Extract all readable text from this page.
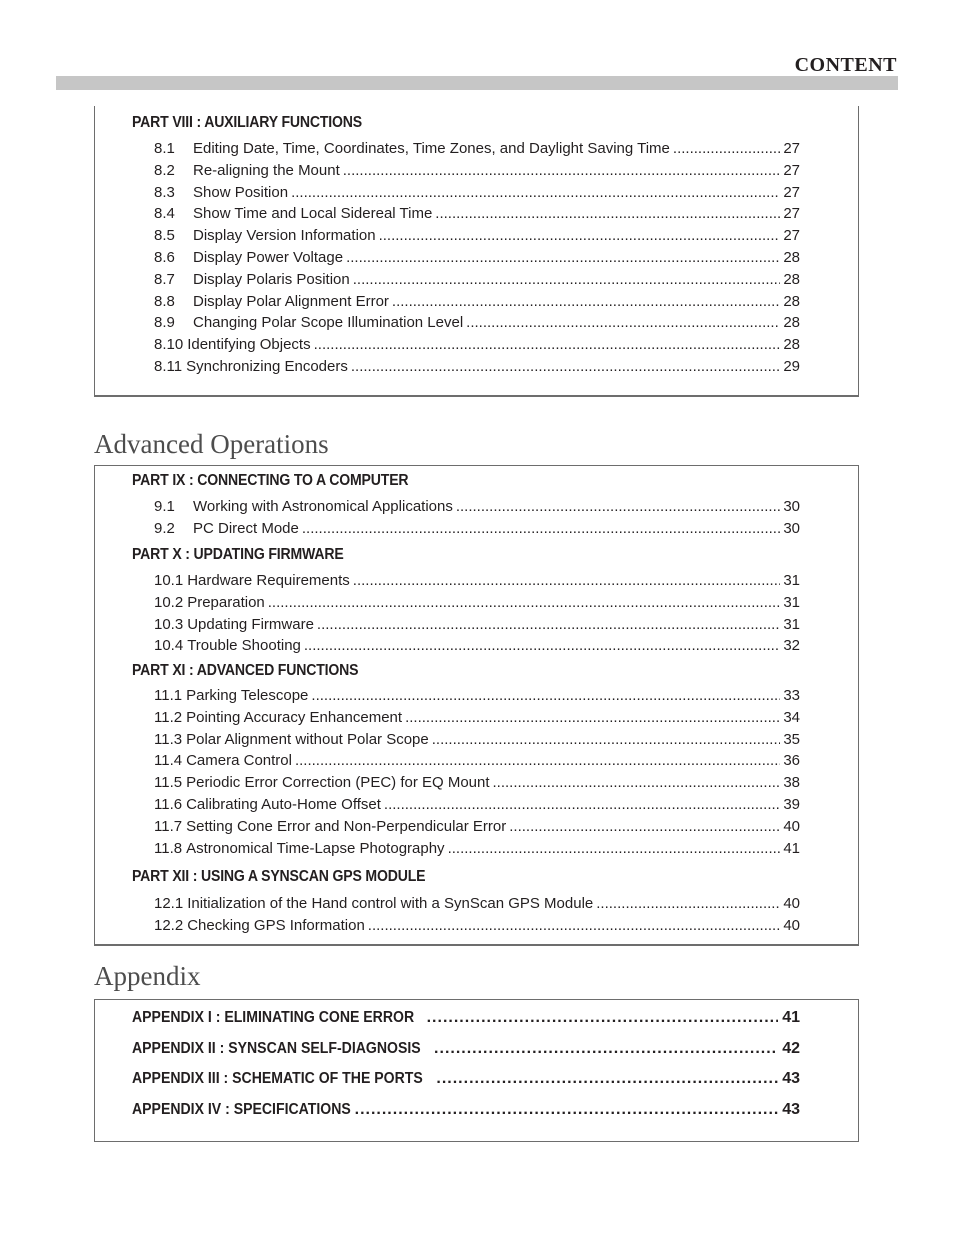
CONTENT
PART VIII : AUXILIARY FUNCTIONS
8.1	Editing Date, Time, Coordinates, Time Zones, and Daylight Saving Time .....	27
8.2	Re-aligning the Mount .....	27
8.3	Show Position .....	27
8.4	Show Time and Local Sidereal Time .....	27
8.5	Display Version Information .....	27
8.6	Display Power Voltage .....	28
8.7	Display Polaris Position .....	28
8.8	Display Polar Alignment Error .....	28
8.9	Changing Polar Scope Illumination Level .....	28
8.10 Identifying Objects .....	28
8.11 Synchronizing Encoders .....	29
Advanced Operations
PART IX : CONNECTING TO A COMPUTER
9.1	Working with Astronomical Applications .....	30
9.2	PC Direct Mode .....	30
PART X : UPDATING FIRMWARE
10.1 Hardware Requirements .....	31
10.2 Preparation .....	31
10.3 Updating Firmware .....	31
10.4 Trouble Shooting .....	32
PART XI : ADVANCED FUNCTIONS
11.1 Parking Telescope .....	33
11.2 Pointing Accuracy Enhancement .....	34
11.3 Polar Alignment without Polar Scope .....	35
11.4 Camera Control .....	36
11.5 Periodic Error Correction (PEC) for EQ Mount .....	38
11.6 Calibrating Auto-Home Offset .....	39
11.7 Setting Cone Error and Non-Perpendicular Error .....	40
11.8 Astronomical Time-Lapse Photography .....	41
PART XII : USING A SYNSCAN GPS MODULE
12.1 Initialization of the Hand control with a SynScan GPS Module .....	40
12.2 Checking GPS Information .....	40
Appendix
APPENDIX I : ELIMINATING CONE ERROR .....	41
APPENDIX II : SYNSCAN SELF-DIAGNOSIS .....	42
APPENDIX III : SCHEMATIC OF THE PORTS .....	43
APPENDIX IV : SPECIFICATIONS .....	43
